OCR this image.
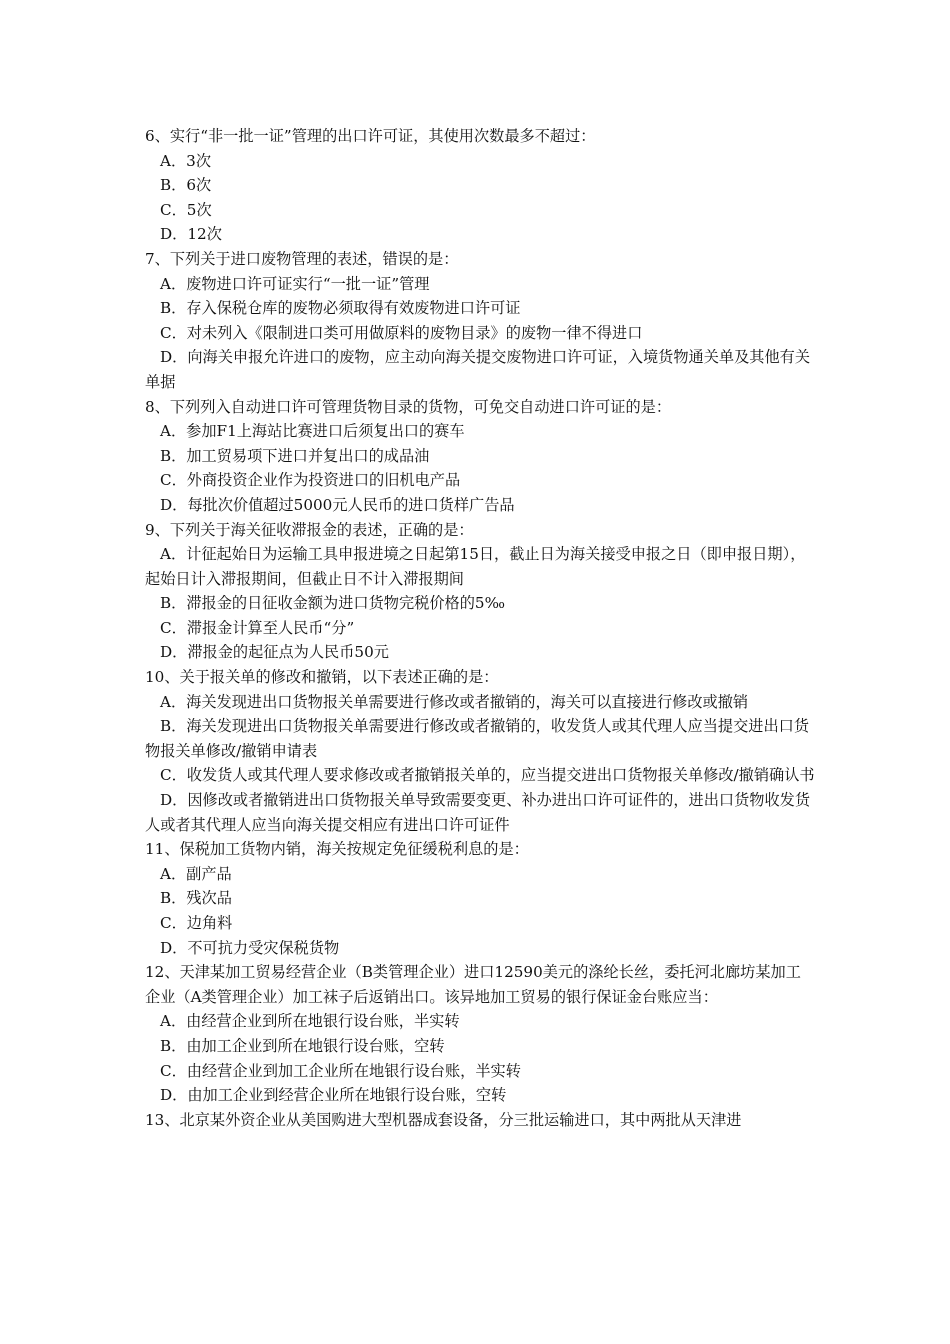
6、实行“非一批一证”管理的出口许可证，其使用次数最多不超过：

A．3次

B．6次

C．5次

D．12次

7、下列关于进口废物管理的表述，错误的是：

A．废物进口许可证实行“一批一证”管理

B．存入保税仓库的废物必须取得有效废物进口许可证

C．对未列入《限制进口类可用做原料的废物目录》的废物一律不得进口

D．向海关申报允许进口的废物，应主动向海关提交废物进口许可证，入境货物通关单及其他有关单据

8、下列列入自动进口许可管理货物目录的货物，可免交自动进口许可证的是：

A．参加F1上海站比赛进口后须复出口的赛车

B．加工贸易项下进口并复出口的成品油

C．外商投资企业作为投资进口的旧机电产品

D．每批次价值超过5000元人民币的进口货样广告品

9、下列关于海关征收滞报金的表述，正确的是：

A．计征起始日为运输工具申报进境之日起第15日，截止日为海关接受申报之日（即申报日期），起始日计入滞报期间，但截止日不计入滞报期间

B．滞报金的日征收金额为进口货物完税价格的5‰

C．滞报金计算至人民币“分”

D．滞报金的起征点为人民币50元

10、关于报关单的修改和撤销，以下表述正确的是：

A．海关发现进出口货物报关单需要进行修改或者撤销的，海关可以直接进行修改或撤销

B．海关发现进出口货物报关单需要进行修改或者撤销的，收发货人或其代理人应当提交进出口货物报关单修改/撤销申请表

C．收发货人或其代理人要求修改或者撤销报关单的，应当提交进出口货物报关单修改/撤销确认书

D．因修改或者撤销进出口货物报关单导致需要变更、补办进出口许可证件的，进出口货物收发货人或者其代理人应当向海关提交相应有进出口许可证件

11、保税加工货物内销，海关按规定免征缓税利息的是：

A．副产品

B．残次品

C．边角料

D．不可抗力受灾保税货物

12、天津某加工贸易经营企业（B类管理企业）进口12590美元的涤纶长丝，委托河北廊坊某加工企业（A类管理企业）加工袜子后返销出口。该异地加工贸易的银行保证金台账应当：

A．由经营企业到所在地银行设台账，半实转

B．由加工企业到所在地银行设台账，空转

C．由经营企业到加工企业所在地银行设台账，半实转

D．由加工企业到经营企业所在地银行设台账，空转

13、北京某外资企业从美国购进大型机器成套设备，分三批运输进口，其中两批从天津进
